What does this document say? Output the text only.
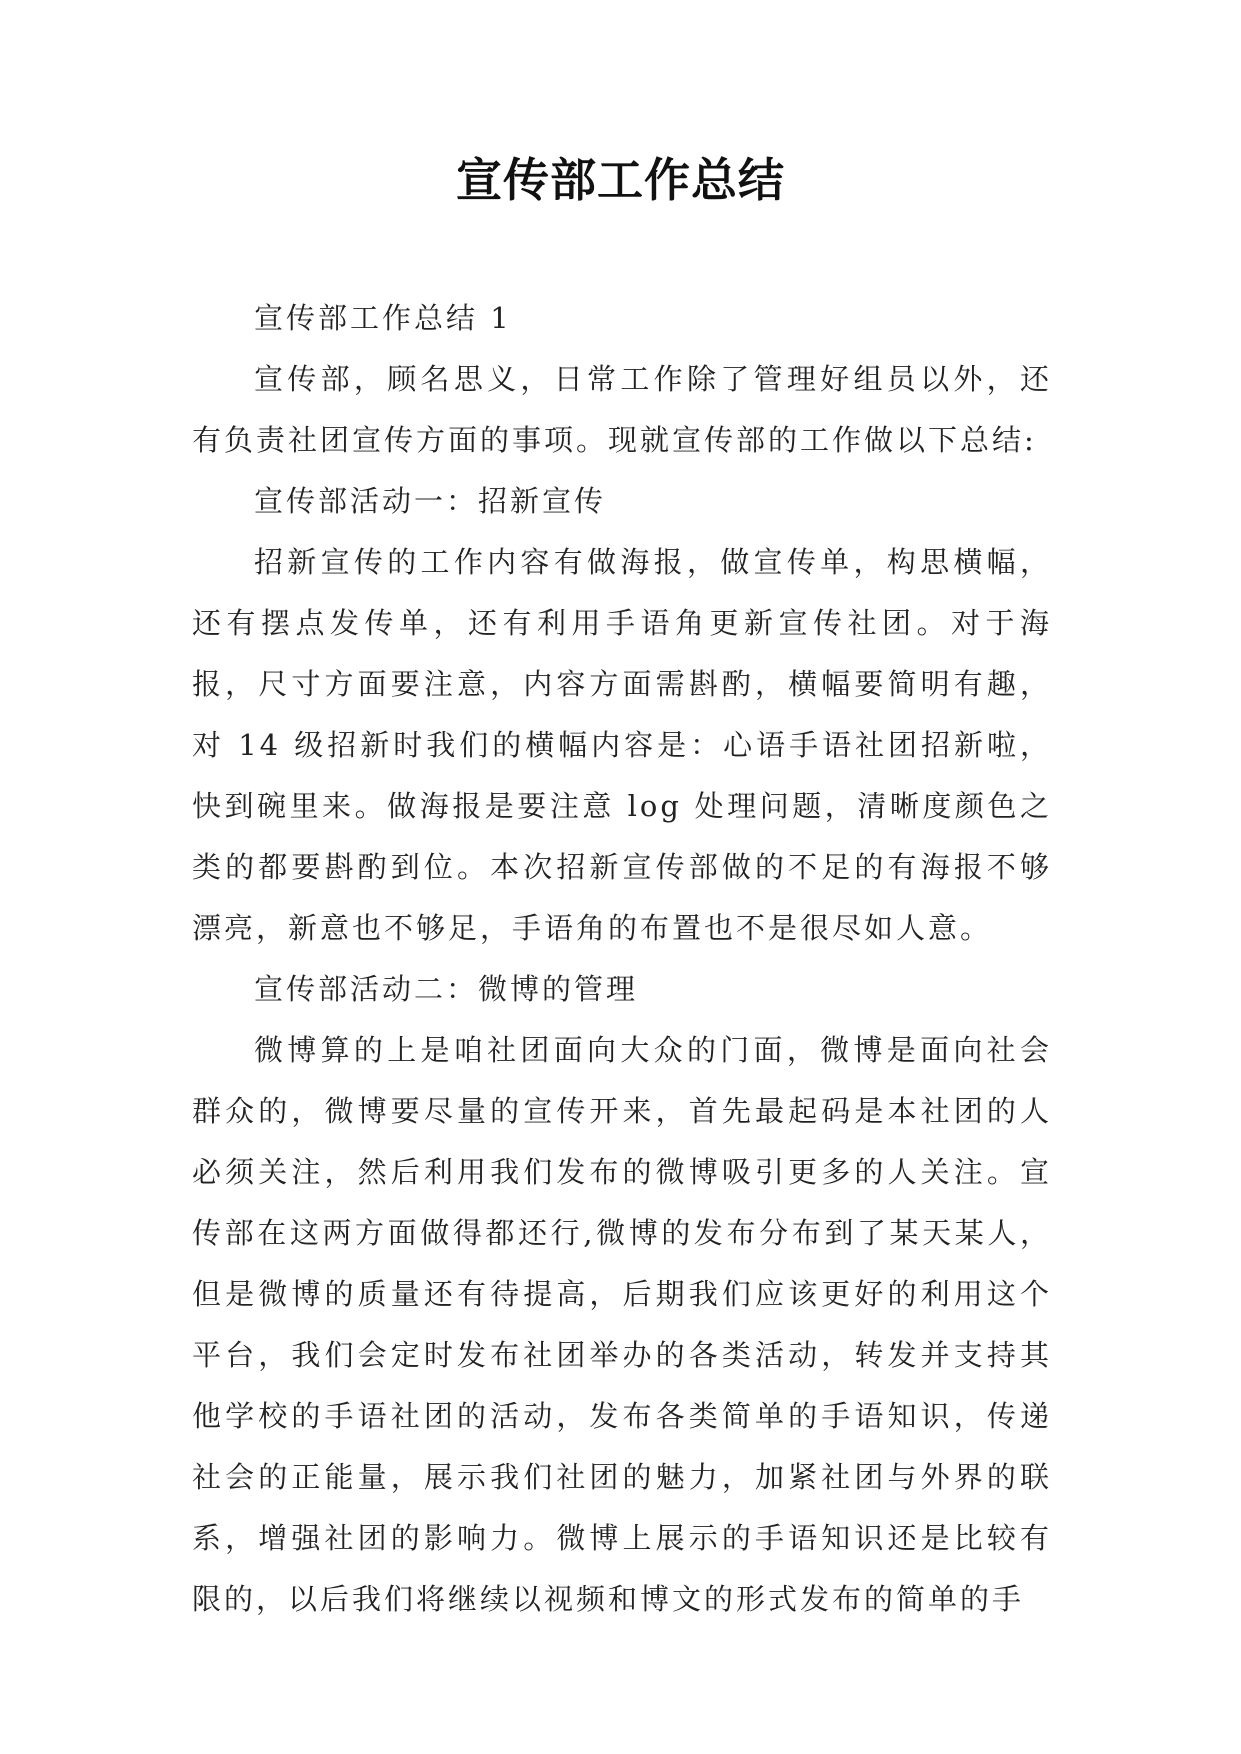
宣传部工作总结

宣传部工作总结 1

宣传部，顾名思义，日常工作除了管理好组员以外，还有负责社团宣传方面的事项。现就宣传部的工作做以下总结:

宣传部活动一：招新宣传

招新宣传的工作内容有做海报，做宣传单，构思横幅，还有摆点发传单，还有利用手语角更新宣传社团。对于海报，尺寸方面要注意，内容方面需斟酌，横幅要简明有趣，对 14 级招新时我们的横幅内容是：心语手语社团招新啦，快到碗里来。做海报是要注意 log 处理问题，清晰度颜色之类的都要斟酌到位。本次招新宣传部做的不足的有海报不够漂亮，新意也不够足，手语角的布置也不是很尽如人意。

宣传部活动二：微博的管理

微博算的上是咱社团面向大众的门面，微博是面向社会群众的，微博要尽量的宣传开来，首先最起码是本社团的人必须关注，然后利用我们发布的微博吸引更多的人关注。宣传部在这两方面做得都还行,微博的发布分布到了某天某人，但是微博的质量还有待提高，后期我们应该更好的利用这个平台，我们会定时发布社团举办的各类活动，转发并支持其他学校的手语社团的活动，发布各类简单的手语知识，传递社会的正能量，展示我们社团的魅力，加紧社团与外界的联系，增强社团的影响力。微博上展示的手语知识还是比较有限的，以后我们将继续以视频和博文的形式发布的简单的手
